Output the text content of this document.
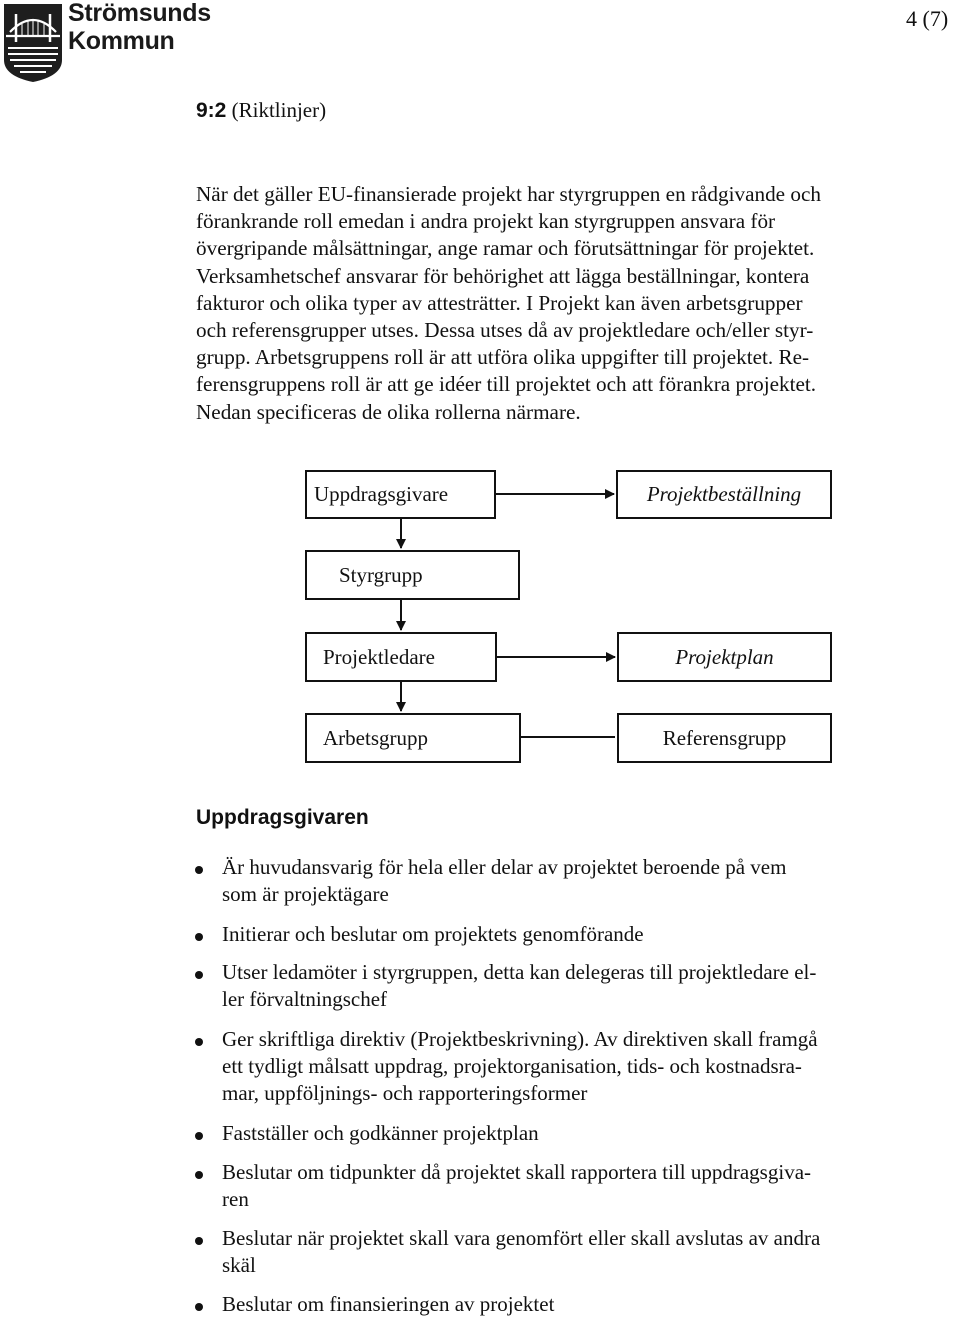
Strömsunds
Kommun
4 (7)
9:2 (Riktlinjer)
När det gäller EU-finansierade projekt har styrgruppen en rådgivande och
förankrande roll emedan i andra projekt kan styrgruppen ansvara för
övergripande målsättningar, ange ramar och förutsättningar för projektet.
Verksamhetschef ansvarar för behörighet att lägga beställningar, kontera
fakturor och olika typer av attesträtter. I Projekt kan även arbetsgrupper
och referensgrupper utses. Dessa utses då av projektledare och/eller styr-
grupp. Arbetsgruppens roll är att utföra olika uppgifter till projektet. Re-
ferensgruppens roll är att ge idéer till projektet och att förankra projektet.
Nedan specificeras de olika rollerna närmare.
Uppdragsgivare	Projektbeställning
Styrgrupp
Projektledare	Projektplan
Arbetsgrupp	Referensgrupp
Uppdragsgivaren
Är huvudansvarig för hela eller delar av projektet beroende på vem
som är projektägare
Initierar och beslutar om projektets genomförande
Utser ledamöter i styrgruppen, detta kan delegeras till projektledare el-
ler förvaltningschef
Ger skriftliga direktiv (Projektbeskrivning). Av direktiven skall framgå
ett tydligt målsatt uppdrag, projektorganisation, tids- och kostnadsra-
mar, uppföljnings- och rapporteringsformer
Fastställer och godkänner projektplan
Beslutar om tidpunkter då projektet skall rapportera till uppdragsgiva-
ren
Beslutar när projektet skall vara genomfört eller skall avslutas av andra
skäl
Beslutar om finansieringen av projektet
